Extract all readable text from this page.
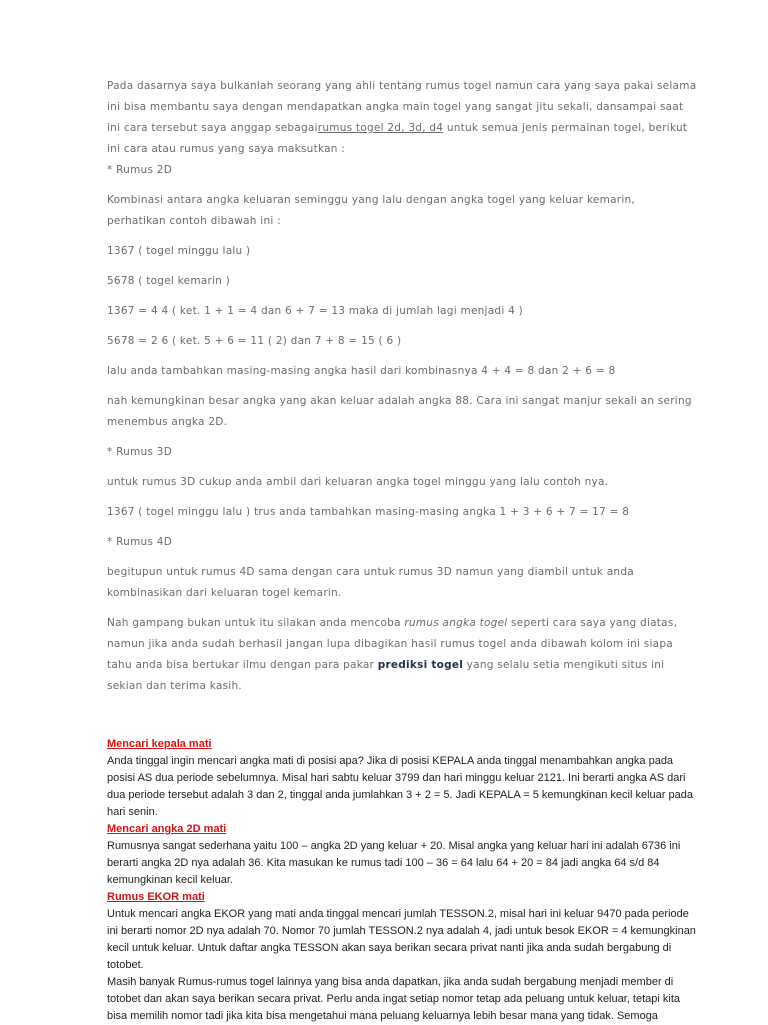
Pada dasarnya saya bulkanlah seorang yang ahli tentang rumus togel namun cara yang saya pakai selama ini bisa membantu saya dengan mendapatkan angka main togel yang sangat jitu sekali, dansampai saat ini cara tersebut saya anggap sebagairumus togel 2d, 3d, d4 untuk semua jenis permainan togel, berikut ini cara atau rumus yang saya maksutkan :

* Rumus 2D

Kombinasi antara angka keluaran seminggu yang lalu dengan angka togel yang keluar kemarin, perhatikan contoh dibawah ini :

1367 ( togel minggu lalu )

5678 ( togel kemarin )

1367 = 4 4 ( ket. 1 + 1 = 4 dan 6 + 7 = 13 maka di jumlah lagi menjadi 4 )

5678 = 2 6 ( ket. 5 + 6 = 11 ( 2) dan 7 + 8 = 15 ( 6 )

lalu anda tambahkan masing-masing angka hasil dari kombinasnya 4 + 4 = 8 dan 2 + 6 = 8

nah kemungkinan besar angka yang akan keluar adalah angka 88. Cara ini sangat manjur sekali an sering menembus angka 2D.

* Rumus 3D

untuk rumus 3D cukup anda ambil dari keluaran angka togel minggu yang lalu contoh nya.

1367 ( togel minggu lalu ) trus anda tambahkan masing-masing angka 1 + 3 + 6 + 7 = 17 = 8

* Rumus 4D

begitupun untuk rumus 4D sama dengan cara untuk rumus 3D namun yang diambil untuk anda kombinasikan dari keluaran togel kemarin.

Nah gampang bukan untuk itu silakan anda mencoba rumus angka togel seperti cara saya yang diatas, namun jika anda sudah berhasil jangan lupa dibagikan hasil rumus togel anda dibawah kolom ini siapa tahu anda bisa bertukar ilmu dengan para pakar prediksi togel yang selalu setia mengikuti situs ini sekian dan terima kasih.

Mencari kepala mati

Anda tinggal ingin mencari angka mati di posisi apa? Jika di posisi KEPALA anda tinggal menambahkan angka pada posisi AS dua periode sebelumnya. Misal hari sabtu keluar 3799 dan hari minggu keluar 2121. Ini berarti angka AS dari dua periode tersebut adalah 3 dan 2, tinggal anda jumlahkan 3 + 2 = 5. Jadi KEPALA = 5 kemungkinan kecil keluar pada hari senin.

Mencari angka 2D mati

Rumusnya sangat sederhana yaitu 100 – angka 2D yang keluar + 20. Misal angka yang keluar hari ini adalah 6736 ini berarti angka 2D nya adalah 36. Kita masukan ke rumus tadi 100 – 36 = 64 lalu 64 + 20 = 84 jadi angka 64 s/d 84 kemungkinan kecil keluar.

Rumus EKOR mati

Untuk mencari angka EKOR yang mati anda tinggal mencari jumlah TESSON.2, misal hari ini keluar 9470 pada periode ini berarti nomor 2D nya adalah 70. Nomor 70 jumlah TESSON.2 nya adalah 4, jadi untuk besok EKOR = 4 kemungkinan kecil untuk keluar. Untuk daftar angka TESSON akan saya berikan secara privat nanti jika anda sudah bergabung di totobet.

Masih banyak Rumus-rumus togel lainnya yang bisa anda dapatkan, jika anda sudah bergabung menjadi member di totobet dan akan saya berikan secara privat. Perlu anda ingat setiap nomor tetap ada peluang untuk keluar, tetapi kita bisa memilih nomor tadi jika kita bisa mengetahui mana peluang keluarnya lebih besar mana yang tidak. Semoga
